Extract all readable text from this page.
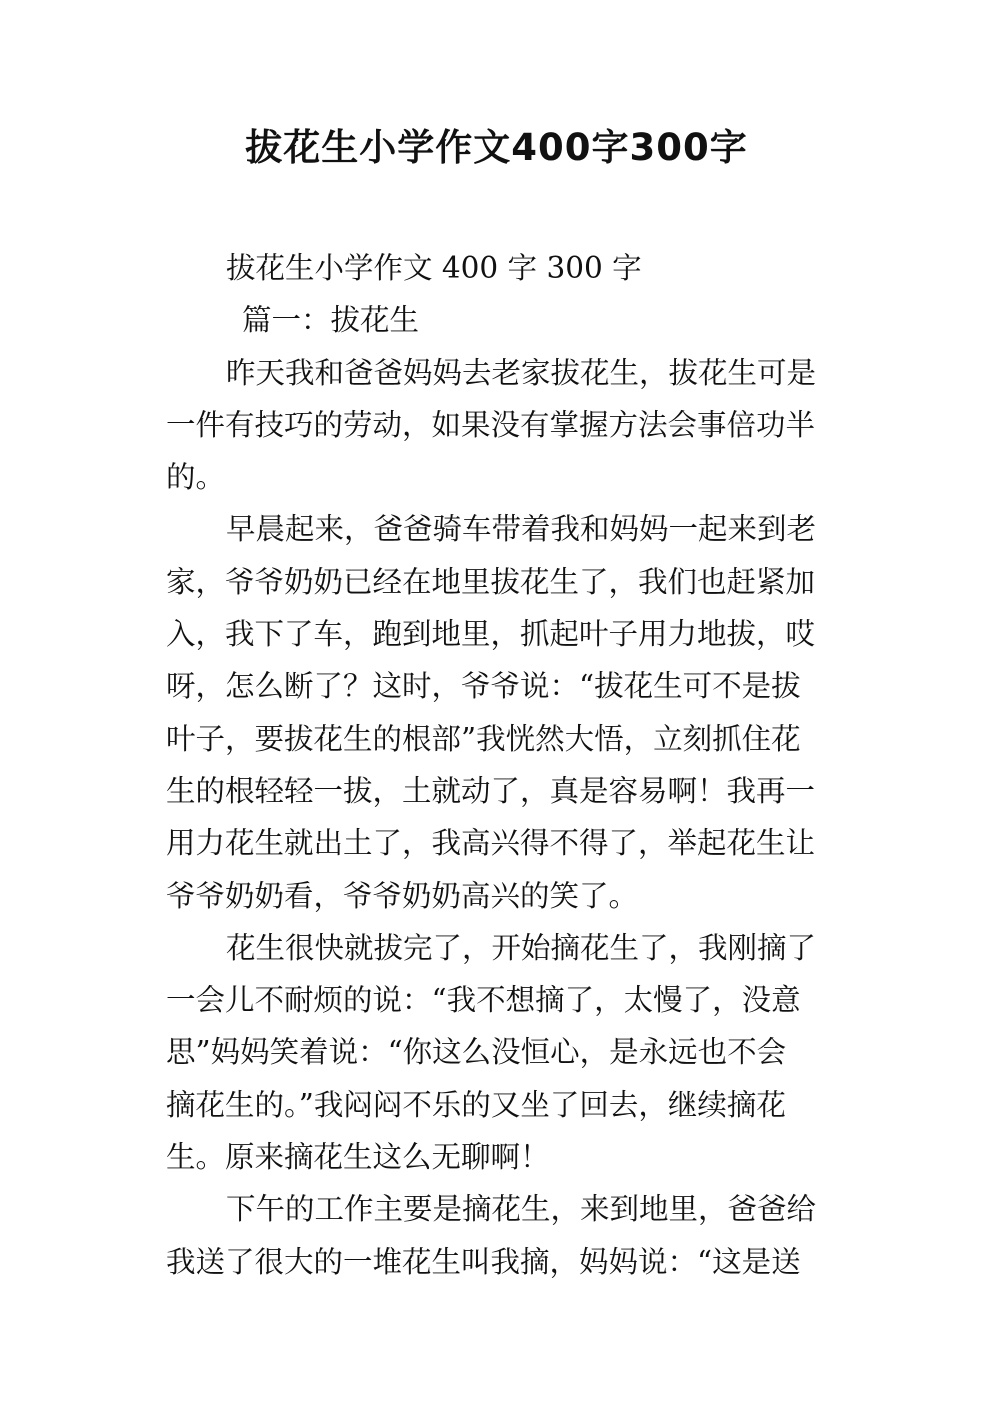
拔花生小学作文400字300字
拔花生小学作文 400 字 300 字
篇一：拔花生
昨天我和爸爸妈妈去老家拔花生，拔花生可是
一件有技巧的劳动，如果没有掌握方法会事倍功半
的。
早晨起来，爸爸骑车带着我和妈妈一起来到老
家，爷爷奶奶已经在地里拔花生了，我们也赶紧加
入，我下了车，跑到地里，抓起叶子用力地拔，哎
呀，怎么断了？这时，爷爷说：“拔花生可不是拔
叶子，要拔花生的根部”我恍然大悟，立刻抓住花
生的根轻轻一拔，土就动了，真是容易啊！我再一
用力花生就出土了，我高兴得不得了，举起花生让
爷爷奶奶看，爷爷奶奶高兴的笑了。
花生很快就拔完了，开始摘花生了，我刚摘了
一会儿不耐烦的说：“我不想摘了，太慢了，没意
思”妈妈笑着说：“你这么没恒心，是永远也不会
摘花生的。”我闷闷不乐的又坐了回去，继续摘花
生。原来摘花生这么无聊啊！
下午的工作主要是摘花生，来到地里，爸爸给
我送了很大的一堆花生叫我摘，妈妈说：“这是送
